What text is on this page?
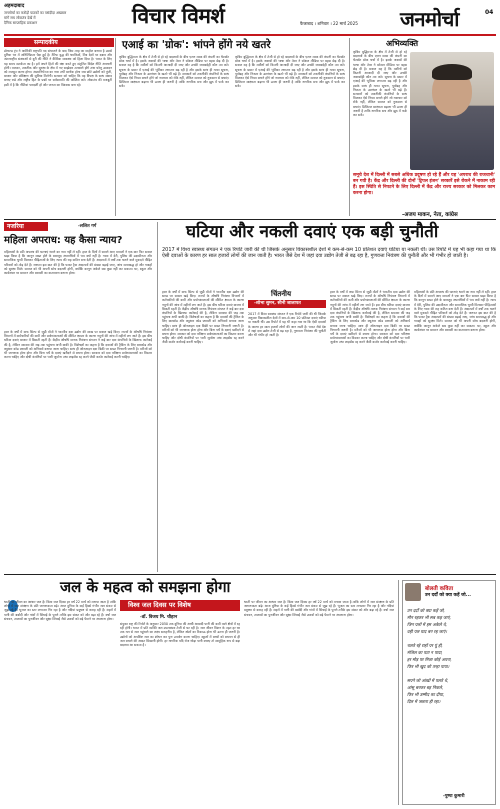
अहमदाबाद
जनमोर्चा का करोड़ों पाठकों का पसंदीदा अखबार
मांगें सच लोकतंत्र देखें में
दैनिक साप्ताहिक प्रकाशन	विचार विमर्श	फैजाबाद । शनिवार । 22 मार्च 2025 जनमोर्चा	04
सम्पादकीय
डोनाल्ड ट्रंप ने अमेरिकी राष्ट्रपति पद संभालने के बाद जिस तरह का माहौल बनाया है उससे दुनिया भर में अनिश्चितता पैदा हुई है। टैरिफ युद्ध की धमकियों, मित्र देशों पर दबाव और अंतरराष्ट्रीय संस्थाओं से दूरी की नीति ने वैश्विक व्यवस्था को हिला दिया है। भारत के लिए यह समय सतर्कता का है। हमें अपने हितों की रक्षा करते हुए संतुलित विदेश नीति अपनानी होगी। व्यापार, तकनीक और सुरक्षा के क्षेत्र में नए साझेदार तलाशने होंगे तथा घरेलू उत्पादन को मजबूत करना होगा। आत्मनिर्भरता का नारा तभी सार्थक होगा जब छोटे उद्योगों को पूंजी, बाजार और प्रशिक्षण की सुविधा मिलेगी। सरकार को चाहिए कि वह विपक्ष के साथ संवाद बनाए रखे और राष्ट्रीय हित के प्रश्नों पर सर्वसम्मति की कोशिश करे। लोकतंत्र की मजबूती इसी में है कि नीतियां पारदर्शी हों और जनता का विश्वास बना रहे।
एआई का 'ग्रोक': भांपने होंगे नये खतरे
कृत्रिम बुद्धिमत्ता के क्षेत्र में तेजी से हो रहे बदलावों के बीच एलन मस्क की कंपनी का चैटबॉट ग्रोक चर्चा में है। इसके जवाबों की भाषा और तेवर ने सोशल मीडिया पर बहस छेड़ दी है। सवाल यह है कि मशीनों को कितनी आजादी दी जाए और उनकी जवाबदेही कौन तय करे। सूचना के प्रसार में एआई की भूमिका लगातार बढ़ रही है और इसके साथ ही गलत सूचना, पूर्वाग्रह और निजता के उल्लंघन के खतरे भी बढ़े हैं। सरकारों को तकनीकी कंपनियों के साथ मिलकर ऐसे नियम बनाने होंगे जो नवाचार को रोकें नहीं, लेकिन समाज को नुकसान से बचाएं। डिजिटल साक्षरता बढ़ाना भी उतना ही जरूरी है ताकि नागरिक सच और झूठ में फर्क कर सकें।
कृत्रिम बुद्धिमत्ता के क्षेत्र में तेजी से हो रहे बदलावों के बीच एलन मस्क की कंपनी का चैटबॉट ग्रोक चर्चा में है। इसके जवाबों की भाषा और तेवर ने सोशल मीडिया पर बहस छेड़ दी है। सवाल यह है कि मशीनों को कितनी आजादी दी जाए और उनकी जवाबदेही कौन तय करे। सूचना के प्रसार में एआई की भूमिका लगातार बढ़ रही है और इसके साथ ही गलत सूचना, पूर्वाग्रह और निजता के उल्लंघन के खतरे भी बढ़े हैं। सरकारों को तकनीकी कंपनियों के साथ मिलकर ऐसे नियम बनाने होंगे जो नवाचार को रोकें नहीं, लेकिन समाज को नुकसान से बचाएं। डिजिटल साक्षरता बढ़ाना भी उतना ही जरूरी है ताकि नागरिक सच और झूठ में फर्क कर सकें।
अभिव्यक्ति
कृत्रिम बुद्धिमत्ता के क्षेत्र में तेजी से हो रहे बदलावों के बीच एलन मस्क की कंपनी का चैटबॉट ग्रोक चर्चा में है। इसके जवाबों की भाषा और तेवर ने सोशल मीडिया पर बहस छेड़ दी है। सवाल यह है कि मशीनों को कितनी आजादी दी जाए और उनकी जवाबदेही कौन तय करे। सूचना के प्रसार में एआई की भूमिका लगातार बढ़ रही है और इसके साथ ही गलत सूचना, पूर्वाग्रह और निजता के उल्लंघन के खतरे भी बढ़े हैं। सरकारों को तकनीकी कंपनियों के साथ मिलकर ऐसे नियम बनाने होंगे जो नवाचार को रोकें नहीं, लेकिन समाज को नुकसान से बचाएं। डिजिटल साक्षरता बढ़ाना भी उतना ही जरूरी है ताकि नागरिक सच और झूठ में फर्क कर सकें।
समूचे देश में दिल्ली में सबसे अधिक प्रदूषण हो रहे हैं और यह 'अपराध की राजधानी' बन गयी है। केंद्र और दिल्ली की दोनों 'ट्रिपल इंजन' सरकारें इसे रोकने में नाकाम रही हैं। इस स्थिति से निपटने के लिए दिल्ली में केंद्र और राज्य सरकार को मिलकर काम करना होगा।
-अजय माकन, नेता, कांग्रेस
नजरिया	-ललित गर्ग
महिला अपराध: यह कैसा न्याय?
महिलाओं के प्रति अपराध की घटनाएं थमने का नाम नहीं ले रहीं। हाल के दिनों में सामने आए मामलों ने एक बार फिर सवाल खड़ा किया है कि कानून सख्त होने के बावजूद अपराधियों में भय क्यों नहीं है। न्याय में देरी, पुलिस की उदासीनता और सामाजिक चुप्पी मिलकर पीड़िताओं के लिए न्याय की राह कठिन बना देती हैं। अदालतों में वर्षों तक चलने वाले मुकदमे पीड़ित परिवारों को तोड़ देते हैं। जरूरत इस बात की है कि फास्ट ट्रैक अदालतों की संख्या बढ़ाई जाए, जांच समयबद्ध हो और गवाहों को सुरक्षा मिले। समाज को भी अपनी सोच बदलनी होगी, क्योंकि कानून अकेले सब कुछ नहीं कर सकता। घर, स्कूल और कार्यस्थल पर सम्मान और बराबरी का वातावरण बनाना होगा।
हाल के वर्षों में कफ सिरप से जुड़ी मौतों ने भारतीय दवा उद्योग की साख पर सवाल खड़े किए। राज्यों के औषधि नियंत्रण विभागों में कर्मचारियों की कमी और प्रयोगशालाओं की सीमित क्षमता के कारण नमूनों की जांच में महीनों लग जाते हैं। इस बीच घटिया दवाएं बाजार में बिकती रहती हैं। केंद्रीय औषधि मानक नियंत्रण संगठन ने कई बार दवा कंपनियों के खिलाफ कार्रवाई की है, लेकिन समस्या की जड़ तक पहुंचना अभी बाकी है। विशेषज्ञों का कहना है कि दवाओं की ट्रैकिंग के लिए बारकोड और क्यूआर कोड प्रणाली को अनिवार्य बनाया जाना चाहिए। साथ ही ऑनलाइन दवा बिक्री पर सख्त निगरानी जरूरी है। मरीजों को भी जागरूक होना होगा और बिना पर्चे के दवाएं खरीदने से बचना होगा। सरकार को दवा परीक्षण प्रयोगशालाओं का विस्तार करना चाहिए और दोषी कंपनियों पर भारी जुर्माना तथा लाइसेंस रद्द करने जैसी कठोर कार्रवाई करनी चाहिए।
घटिया और नकली दवाएं एक बड़ी चुनौती
2017 में विश्व स्वास्थ्य संगठन ने एक रिपोर्ट जारी की थी जिसके अनुसार विकासशील देशों में कम-से-कम 10 प्रतिशत दवाएं घटिया या नकली थीं। उस रिपोर्ट में यह भी कहा गया था कि ऐसी दवाओं के कारण हर साल हजारों लोगों की जान जाती है। भारत जैसे देश में जहां दवा उद्योग तेजी से बढ़ रहा है, गुणवत्ता नियंत्रण की चुनौती और भी गंभीर हो जाती है।
हाल के वर्षों में कफ सिरप से जुड़ी मौतों ने भारतीय दवा उद्योग की साख पर सवाल खड़े किए। राज्यों के औषधि नियंत्रण विभागों में कर्मचारियों की कमी और प्रयोगशालाओं की सीमित क्षमता के कारण नमूनों की जांच में महीनों लग जाते हैं। इस बीच घटिया दवाएं बाजार में बिकती रहती हैं। केंद्रीय औषधि मानक नियंत्रण संगठन ने कई बार दवा कंपनियों के खिलाफ कार्रवाई की है, लेकिन समस्या की जड़ तक पहुंचना अभी बाकी है। विशेषज्ञों का कहना है कि दवाओं की ट्रैकिंग के लिए बारकोड और क्यूआर कोड प्रणाली को अनिवार्य बनाया जाना चाहिए। साथ ही ऑनलाइन दवा बिक्री पर सख्त निगरानी जरूरी है। मरीजों को भी जागरूक होना होगा और बिना पर्चे के दवाएं खरीदने से बचना होगा। सरकार को दवा परीक्षण प्रयोगशालाओं का विस्तार करना चाहिए और दोषी कंपनियों पर भारी जुर्माना तथा लाइसेंस रद्द करने जैसी कठोर कार्रवाई करनी चाहिए।
चिंतनीय
-शोभा सुमन, सीनी जालापत
2017 में विश्व स्वास्थ्य संगठन ने एक रिपोर्ट जारी की थी जिसके अनुसार विकासशील देशों में कम-से-कम 10 प्रतिशत दवाएं घटिया या नकली थीं। उस रिपोर्ट में यह भी कहा गया था कि ऐसी दवाओं के कारण हर साल हजारों लोगों की जान जाती है। भारत जैसे देश में जहां दवा उद्योग तेजी से बढ़ रहा है, गुणवत्ता नियंत्रण की चुनौती और भी गंभीर हो जाती है।
हाल के वर्षों में कफ सिरप से जुड़ी मौतों ने भारतीय दवा उद्योग की साख पर सवाल खड़े किए। राज्यों के औषधि नियंत्रण विभागों में कर्मचारियों की कमी और प्रयोगशालाओं की सीमित क्षमता के कारण नमूनों की जांच में महीनों लग जाते हैं। इस बीच घटिया दवाएं बाजार में बिकती रहती हैं। केंद्रीय औषधि मानक नियंत्रण संगठन ने कई बार दवा कंपनियों के खिलाफ कार्रवाई की है, लेकिन समस्या की जड़ तक पहुंचना अभी बाकी है। विशेषज्ञों का कहना है कि दवाओं की ट्रैकिंग के लिए बारकोड और क्यूआर कोड प्रणाली को अनिवार्य बनाया जाना चाहिए। साथ ही ऑनलाइन दवा बिक्री पर सख्त निगरानी जरूरी है। मरीजों को भी जागरूक होना होगा और बिना पर्चे के दवाएं खरीदने से बचना होगा। सरकार को दवा परीक्षण प्रयोगशालाओं का विस्तार करना चाहिए और दोषी कंपनियों पर भारी जुर्माना तथा लाइसेंस रद्द करने जैसी कठोर कार्रवाई करनी चाहिए।
महिलाओं के प्रति अपराध की घटनाएं थमने का नाम नहीं ले रहीं। हाल के दिनों में सामने आए मामलों ने एक बार फिर सवाल खड़ा किया है कि कानून सख्त होने के बावजूद अपराधियों में भय क्यों नहीं है। न्याय में देरी, पुलिस की उदासीनता और सामाजिक चुप्पी मिलकर पीड़िताओं के लिए न्याय की राह कठिन बना देती हैं। अदालतों में वर्षों तक चलने वाले मुकदमे पीड़ित परिवारों को तोड़ देते हैं। जरूरत इस बात की है कि फास्ट ट्रैक अदालतों की संख्या बढ़ाई जाए, जांच समयबद्ध हो और गवाहों को सुरक्षा मिले। समाज को भी अपनी सोच बदलनी होगी, क्योंकि कानून अकेले सब कुछ नहीं कर सकता। घर, स्कूल और कार्यस्थल पर सम्मान और बराबरी का वातावरण बनाना होगा।
जल के महत्व को समझना होगा
धरती पर जीवन का आधार जल है। विश्व जल दिवस हर वर्ष 22 मार्च को मनाया जाता है ताकि लोगों में जल संरक्षण के प्रति जागरूकता बढ़े। आज दुनिया के कई हिस्से गंभीर जल संकट से जूझ रहे हैं। भूजल का स्तर लगातार गिर रहा है और नदियां प्रदूषण से कराह रही हैं। शहरों में पानी की बर्बादी और गांवों में सिंचाई के पुराने तरीके इस संकट को और बढ़ा रहे हैं। वर्षा जल संचयन, तालाबों का पुनर्जीवन और सूक्ष्म सिंचाई जैसे उपायों को बड़े पैमाने पर अपनाना होगा।
विश्व जल दिवस पर विशेष
-डॉ. विजय मि. चौहान
संयुक्त राष्ट्र की रिपोर्ट के अनुसार 2050 तक दुनिया की आधी आबादी पानी की कमी वाले क्षेत्रों में रह रही होगी। भारत में प्रति व्यक्ति जल उपलब्धता तेजी से घट रही है। जल जीवन मिशन के तहत हर घर तक नल से जल पहुंचाने का लक्ष्य सराहनीय है, लेकिन स्रोतों का टिकाऊ होना भी उतना ही जरूरी है। उद्योगों को अपशिष्ट जल का शोधन कर पुनः उपयोग करना चाहिए। स्कूलों में बच्चों को बचपन से ही जल बचाने की आदत सिखानी होगी। हर नागरिक यदि रोज थोड़ा पानी बचाए तो सामूहिक रूप से बड़ा बदलाव आ सकता है।
धरती पर जीवन का आधार जल है। विश्व जल दिवस हर वर्ष 22 मार्च को मनाया जाता है ताकि लोगों में जल संरक्षण के प्रति जागरूकता बढ़े। आज दुनिया के कई हिस्से गंभीर जल संकट से जूझ रहे हैं। भूजल का स्तर लगातार गिर रहा है और नदियां प्रदूषण से कराह रही हैं। शहरों में पानी की बर्बादी और गांवों में सिंचाई के पुराने तरीके इस संकट को और बढ़ा रहे हैं। वर्षा जल संचयन, तालाबों का पुनर्जीवन और सूक्ष्म सिंचाई जैसे उपायों को बड़े पैमाने पर अपनाना होगा।
बोलती कविता
उन दर्दों को क्या कहें जो...
उन दर्दों को क्या कहें जो,
मौन रहकर भी सब कह जाएं,
जिन पलों में हम अकेले थे,
वही पल याद बन रह जाएं।
चलते रहे राहों पर यूं ही,
मंजिल का पता न पाया,
हर मोड़ पर मिला कोई अपना,
फिर भी खुद को तन्हा पाया।
सपने जो आंखों में पलते थे,
आंसू बनकर बह निकले,
फिर भी उम्मीद का दीया,
दिल में जलता ही रहा।
-पुष्पा कुमारी
